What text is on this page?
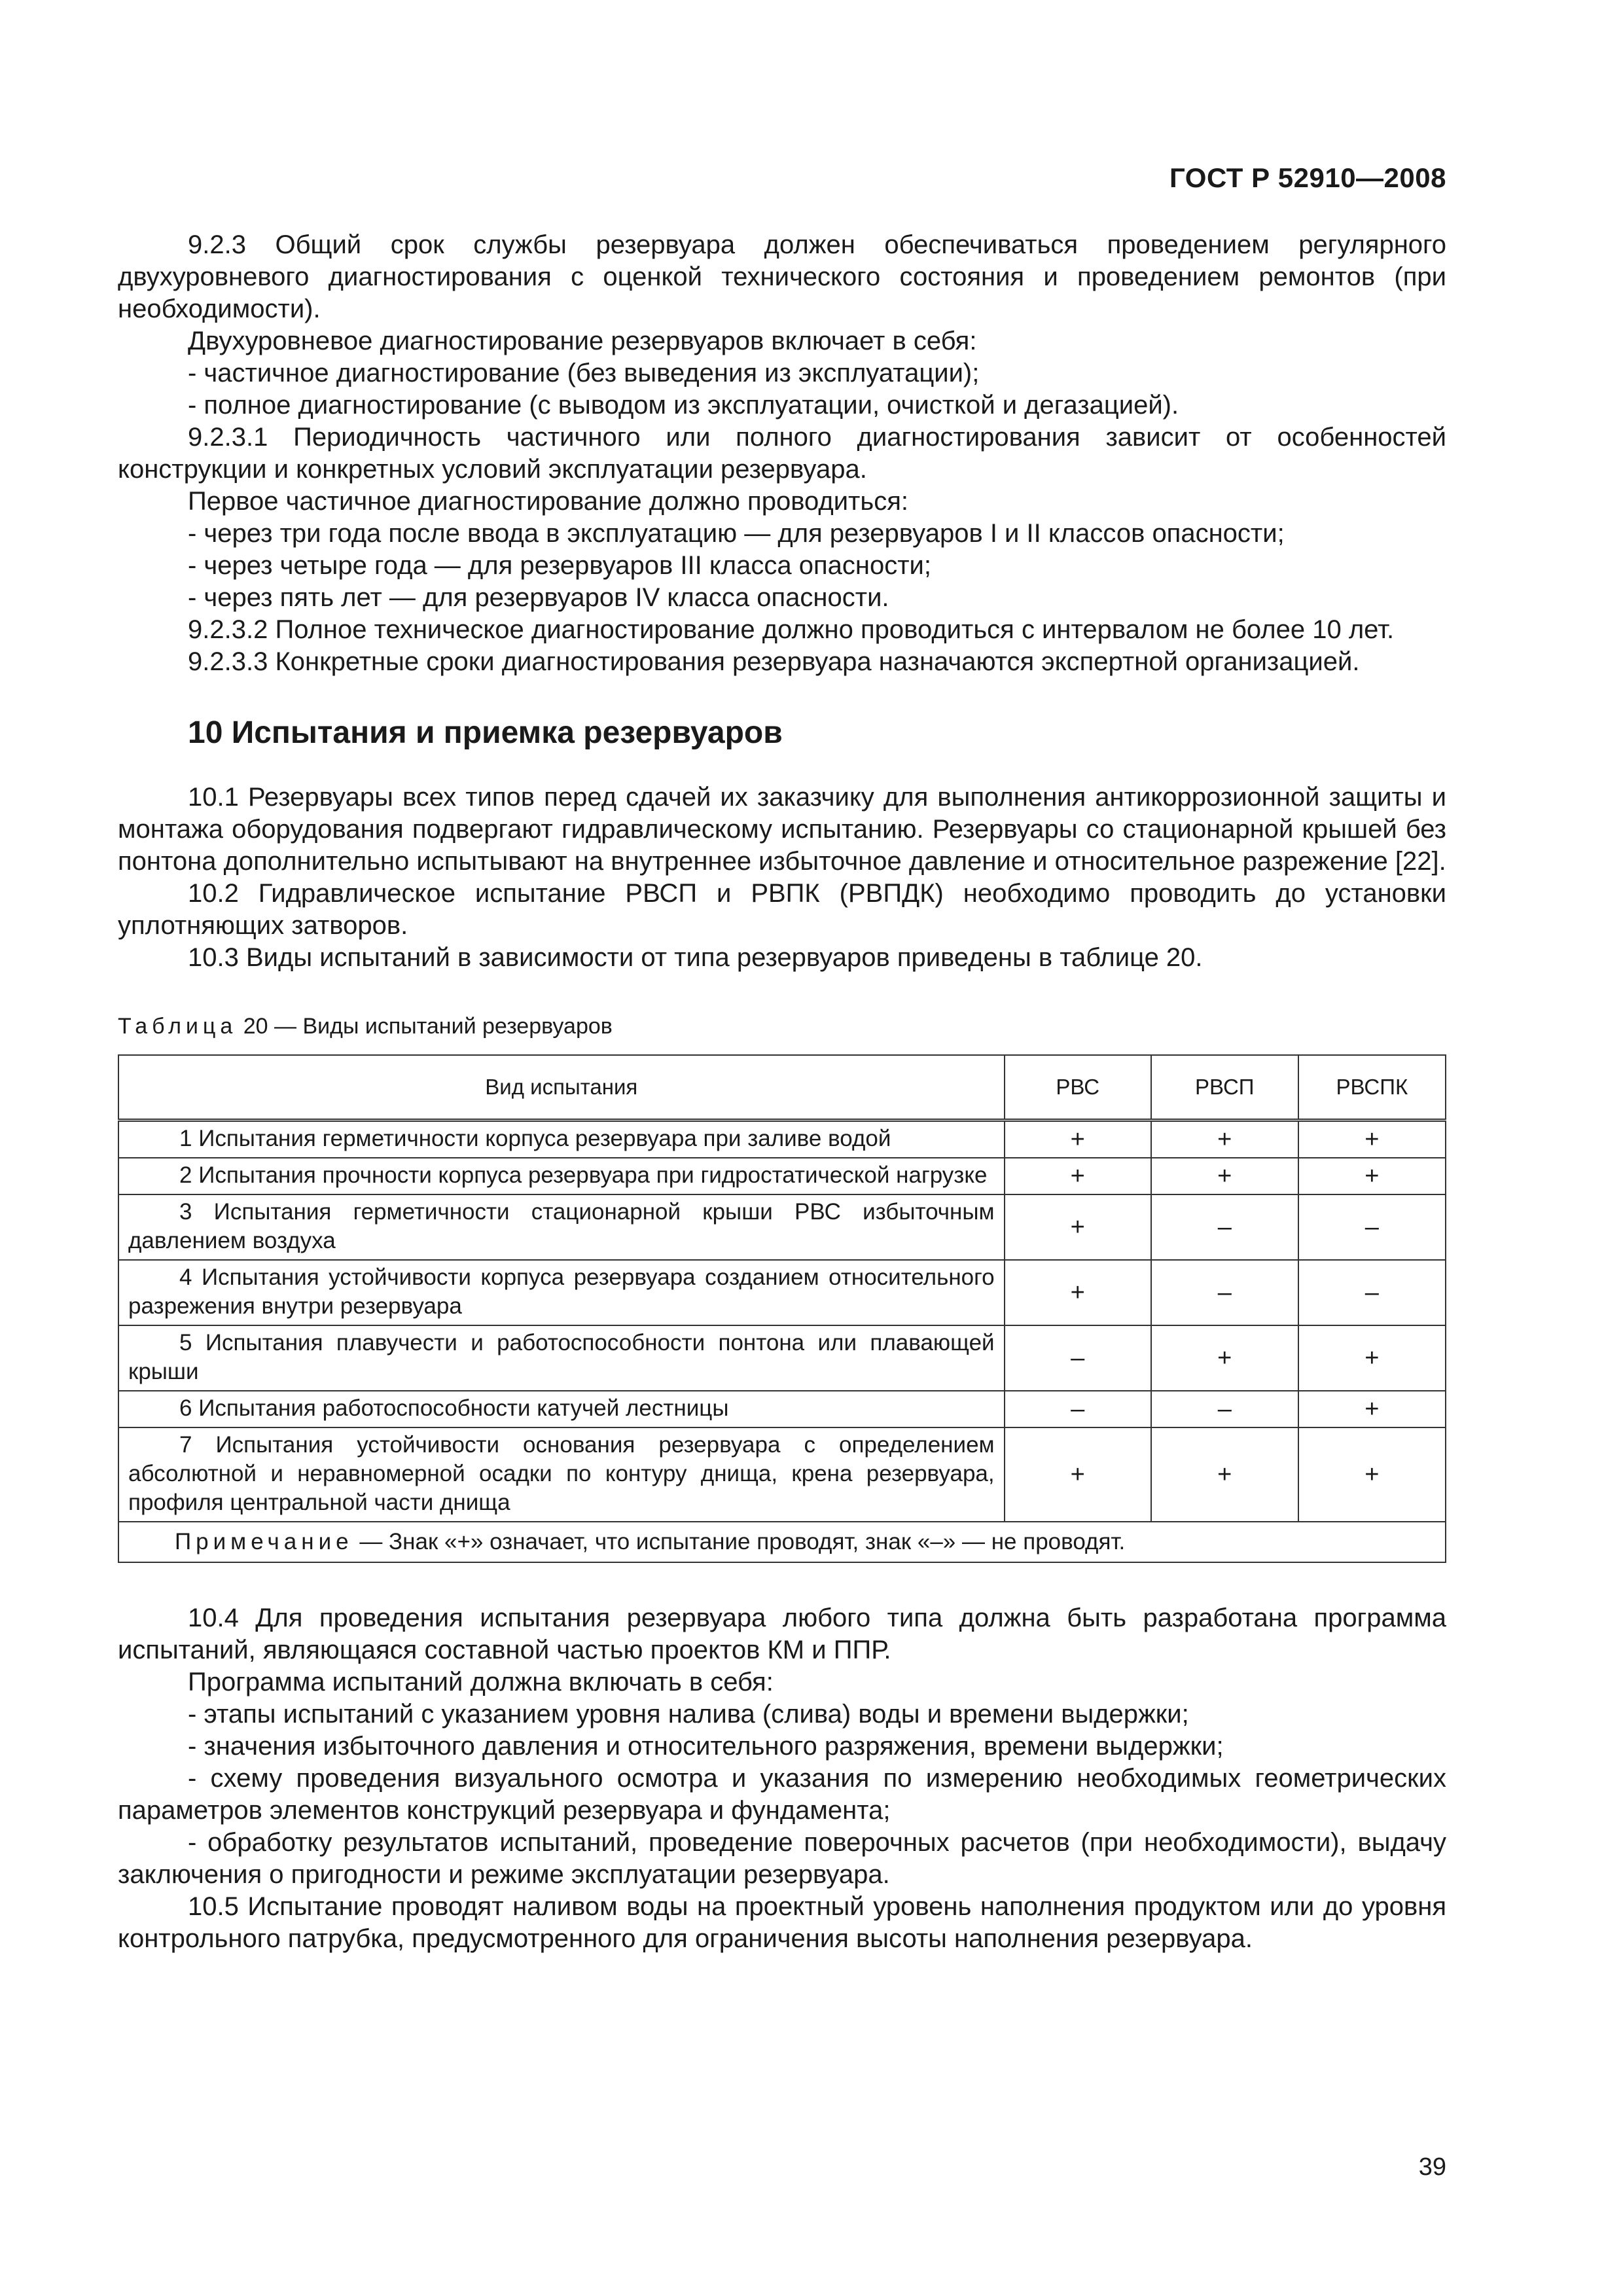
ГОСТ Р 52910—2008

9.2.3 Общий срок службы резервуара должен обеспечиваться проведением регулярного двухуровневого диагностирования с оценкой технического состояния и проведением ремонтов (при необходимости).

Двухуровневое диагностирование резервуаров включает в себя:

- частичное диагностирование (без выведения из эксплуатации);

- полное диагностирование (с выводом из эксплуатации, очисткой и дегазацией).

9.2.3.1 Периодичность частичного или полного диагностирования зависит от особенностей конструкции и конкретных условий эксплуатации резервуара.

Первое частичное диагностирование должно проводиться:

- через три года после ввода в эксплуатацию — для резервуаров I и II классов опасности;

- через четыре года — для резервуаров III класса опасности;

- через пять лет — для резервуаров IV класса опасности.

9.2.3.2 Полное техническое диагностирование должно проводиться с интервалом не более 10 лет.

9.2.3.3 Конкретные сроки диагностирования резервуара назначаются экспертной организацией.

10 Испытания и приемка резервуаров

10.1 Резервуары всех типов перед сдачей их заказчику для выполнения антикоррозионной защиты и монтажа оборудования подвергают гидравлическому испытанию. Резервуары со стационарной крышей без понтона дополнительно испытывают на внутреннее избыточное давление и относительное разрежение [22].

10.2 Гидравлическое испытание РВСП и РВПК (РВПДК) необходимо проводить до установки уплотняющих затворов.

10.3 Виды испытаний в зависимости от типа резервуаров приведены в таблице 20.

Таблица 20 — Виды испытаний резервуаров
Вид испытания	РВС	РВСП	РВСПК

1 Испытания герметичности корпуса резервуара при заливе водой	+	+	+

2 Испытания прочности корпуса резервуара при гидростатической нагрузке	+	+	+

3 Испытания герметичности стационарной крыши РВС избыточным давлением воздуха	+	–	–

4 Испытания устойчивости корпуса резервуара созданием относительного разрежения внутри резервуара	+	–	–

5 Испытания плавучести и работоспособности понтона или плавающей крыши	–	+	+

6 Испытания работоспособности катучей лестницы	–	–	+

7 Испытания устойчивости основания резервуара с определением абсолютной и неравномерной осадки по контуру днища, крена резервуара, профиля центральной части днища	+	+	+
Примечание — Знак «+» означает, что испытание проводят, знак «–» — не проводят.			

10.4 Для проведения испытания резервуара любого типа должна быть разработана программа испытаний, являющаяся составной частью проектов КМ и ППР.

Программа испытаний должна включать в себя:

- этапы испытаний с указанием уровня налива (слива) воды и времени выдержки;

- значения избыточного давления и относительного разряжения, времени выдержки;

- схему проведения визуального осмотра и указания по измерению необходимых геометрических параметров элементов конструкций резервуара и фундамента;

- обработку результатов испытаний, проведение поверочных расчетов (при необходимости), выдачу заключения о пригодности и режиме эксплуатации резервуара.

10.5 Испытание проводят наливом воды на проектный уровень наполнения продуктом или до уровня контрольного патрубка, предусмотренного для ограничения высоты наполнения резервуара.

39
